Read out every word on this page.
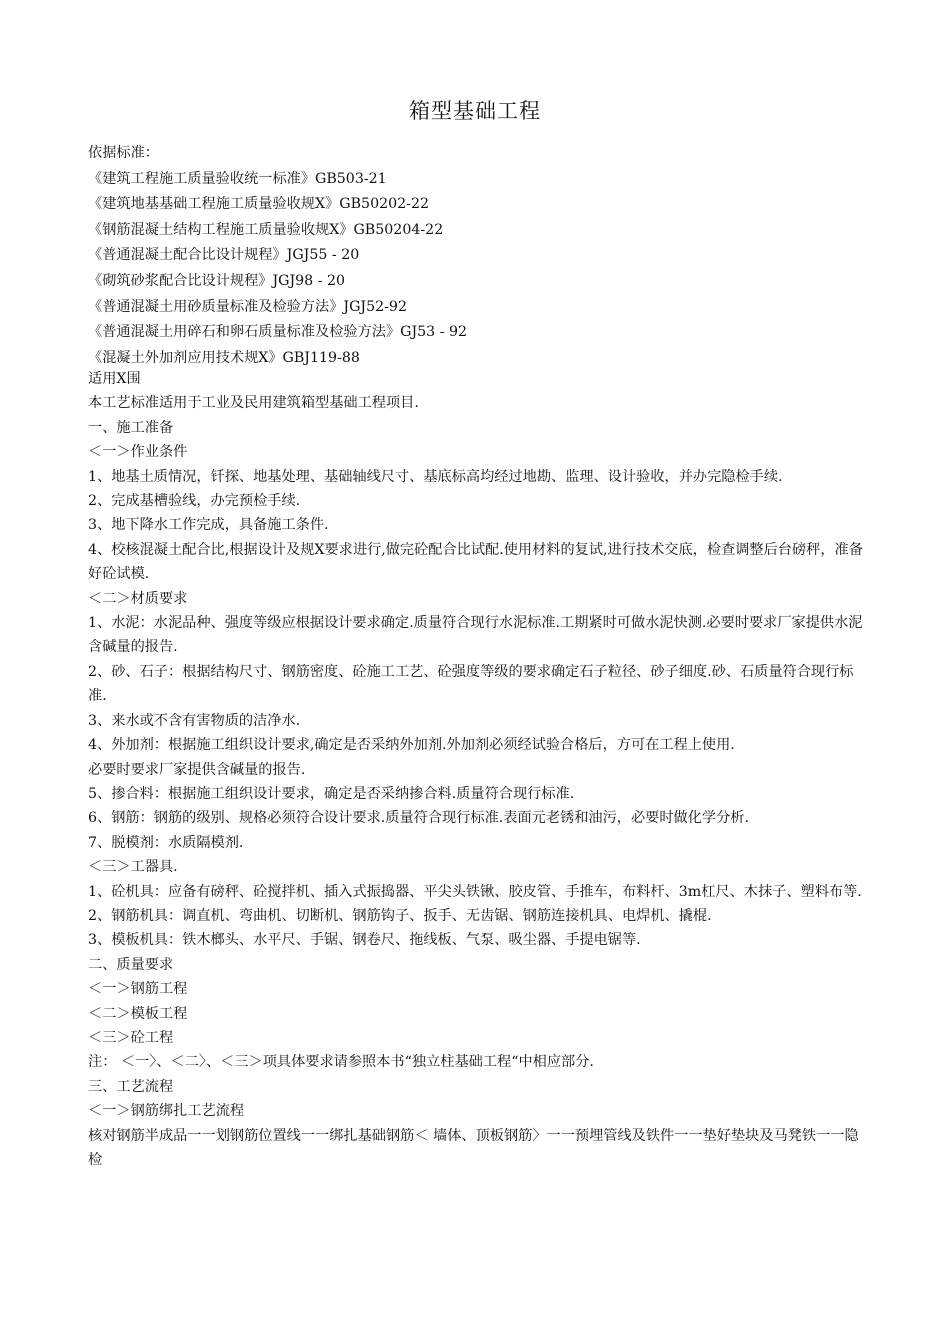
箱型基础工程
依据标准：
《建筑工程施工质量验收统一标准》GB503-21
《建筑地基基础工程施工质量验收规X》GB50202-22
《钢筋混凝土结构工程施工质量验收规X》GB50204-22
《普通混凝土配合比设计规程》JGJ55 - 20
《砌筑砂浆配合比设计规程》JGJ98 - 20
《普通混凝土用砂质量标准及检验方法》JGJ52-92
《普通混凝土用碎石和卵石质量标准及检验方法》GJ53 - 92
《混凝土外加剂应用技术规X》GBJ119-88
适用X围
本工艺标准适用于工业及民用建筑箱型基础工程项目.
一、施工准备
＜一＞作业条件
1、地基土质情况，钎探、地基处理、基础轴线尺寸、基底标高均经过地勘、监理、设计验收，并办完隐检手续.
2、完成基槽验线，办完预检手续.
3、地下降水工作完成，具备施工条件.
4、校核混凝土配合比,根据设计及规X要求进行,做完砼配合比试配.使用材料的复试,进行技术交底，检查调整后台磅秤，准备好砼试模.
＜二＞材质要求
1、水泥：水泥品种、强度等级应根据设计要求确定.质量符合现行水泥标准.工期紧时可做水泥快测.必要时要求厂家提供水泥含碱量的报告.
2、砂、石子：根据结构尺寸、钢筋密度、砼施工工艺、砼强度等级的要求确定石子粒径、砂子细度.砂、石质量符合现行标准.
3、来水或不含有害物质的洁净水.
4、外加剂：根据施工组织设计要求,确定是否采纳外加剂.外加剂必须经试验合格后，方可在工程上使用.
必要时要求厂家提供含碱量的报告.
5、掺合料：根据施工组织设计要求，确定是否采纳掺合料.质量符合现行标准.
6、钢筋：钢筋的级别、规格必须符合设计要求.质量符合现行标准.表面元老锈和油污，必要时做化学分析.
7、脱模剂：水质隔模剂.
＜三＞工器具.
1、砼机具：应备有磅秤、砼搅拌机、插入式振捣器、平尖头铁锹、胶皮管、手推车，布料杆、3m杠尺、木抹子、塑料布等.
2、钢筋机具：调直机、弯曲机、切断机、钢筋钩子、扳手、无齿锯、钢筋连接机具、电焊机、撬棍.
3、模板机具：铁木榔头、水平尺、手锯、钢卷尺、拖线板、气泵、吸尘器、手提电锯等.
二、质量要求
＜一＞钢筋工程
＜二＞模板工程
＜三＞砼工程
注： ＜一〉、＜二〉、＜三＞项具体要求请参照本书“独立柱基础工程“中相应部分.
三、工艺流程
＜一＞钢筋绑扎工艺流程
核对钢筋半成品一一划钢筋位置线一一绑扎基础钢筋＜ 墙体、顶板钢筋〉一一预埋管线及铁件一一垫好垫块及马凳铁一一隐检
